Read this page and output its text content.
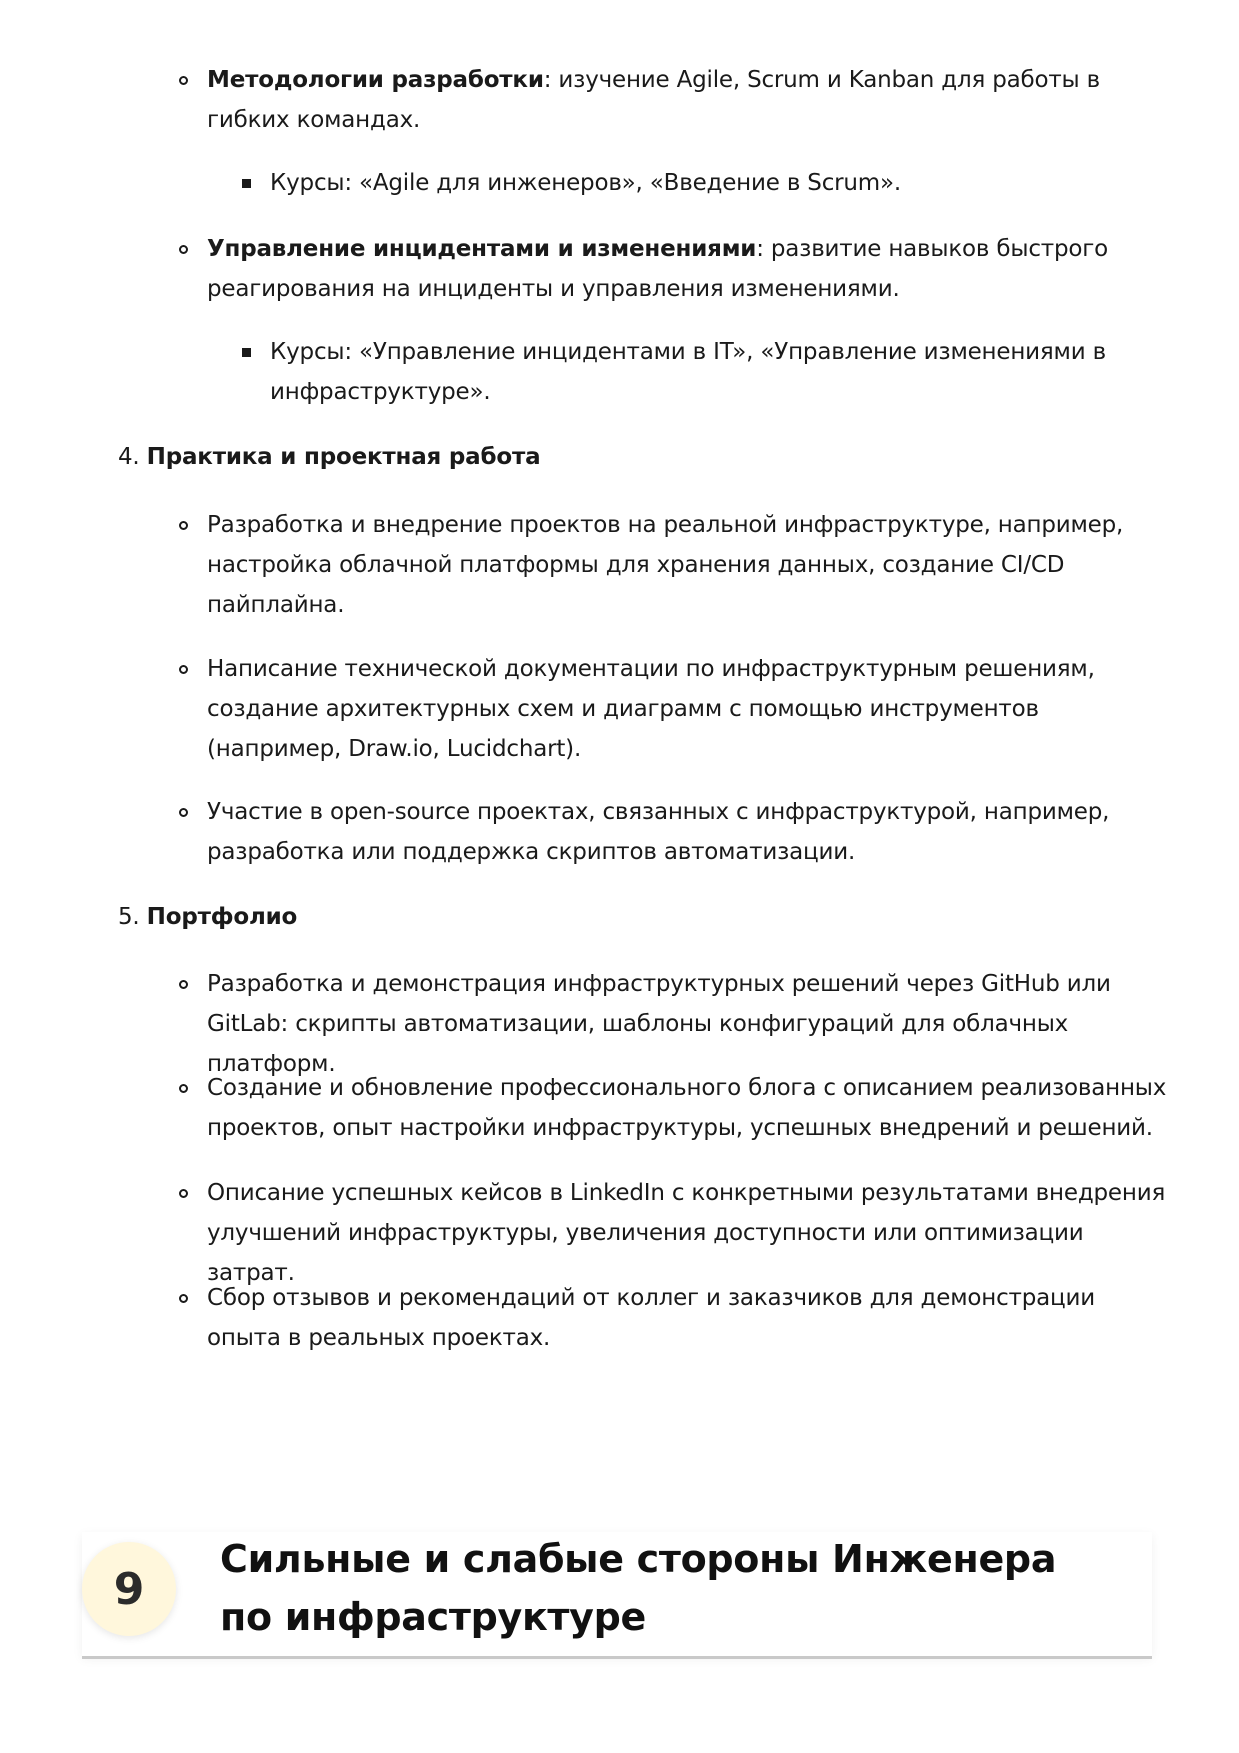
Методологии разработки: изучение Agile, Scrum и Kanban для работы в гибких командах.
Курсы: «Agile для инженеров», «Введение в Scrum».
Управление инцидентами и изменениями: развитие навыков быстрого реагирования на инциденты и управления изменениями.
Курсы: «Управление инцидентами в IT», «Управление изменениями в инфраструктуре».
4. Практика и проектная работа
Разработка и внедрение проектов на реальной инфраструктуре, например, настройка облачной платформы для хранения данных, создание CI/CD пайплайна.
Написание технической документации по инфраструктурным решениям, создание архитектурных схем и диаграмм с помощью инструментов (например, Draw.io, Lucidchart).
Участие в open-source проектах, связанных с инфраструктурой, например, разработка или поддержка скриптов автоматизации.
5. Портфолио
Разработка и демонстрация инфраструктурных решений через GitHub или GitLab: скрипты автоматизации, шаблоны конфигураций для облачных платформ.
Создание и обновление профессионального блога с описанием реализованных проектов, опыт настройки инфраструктуры, успешных внедрений и решений.
Описание успешных кейсов в LinkedIn с конкретными результатами внедрения улучшений инфраструктуры, увеличения доступности или оптимизации затрат.
Сбор отзывов и рекомендаций от коллег и заказчиков для демонстрации опыта в реальных проектах.
9
Сильные и слабые стороны Инженера по инфраструктуре
